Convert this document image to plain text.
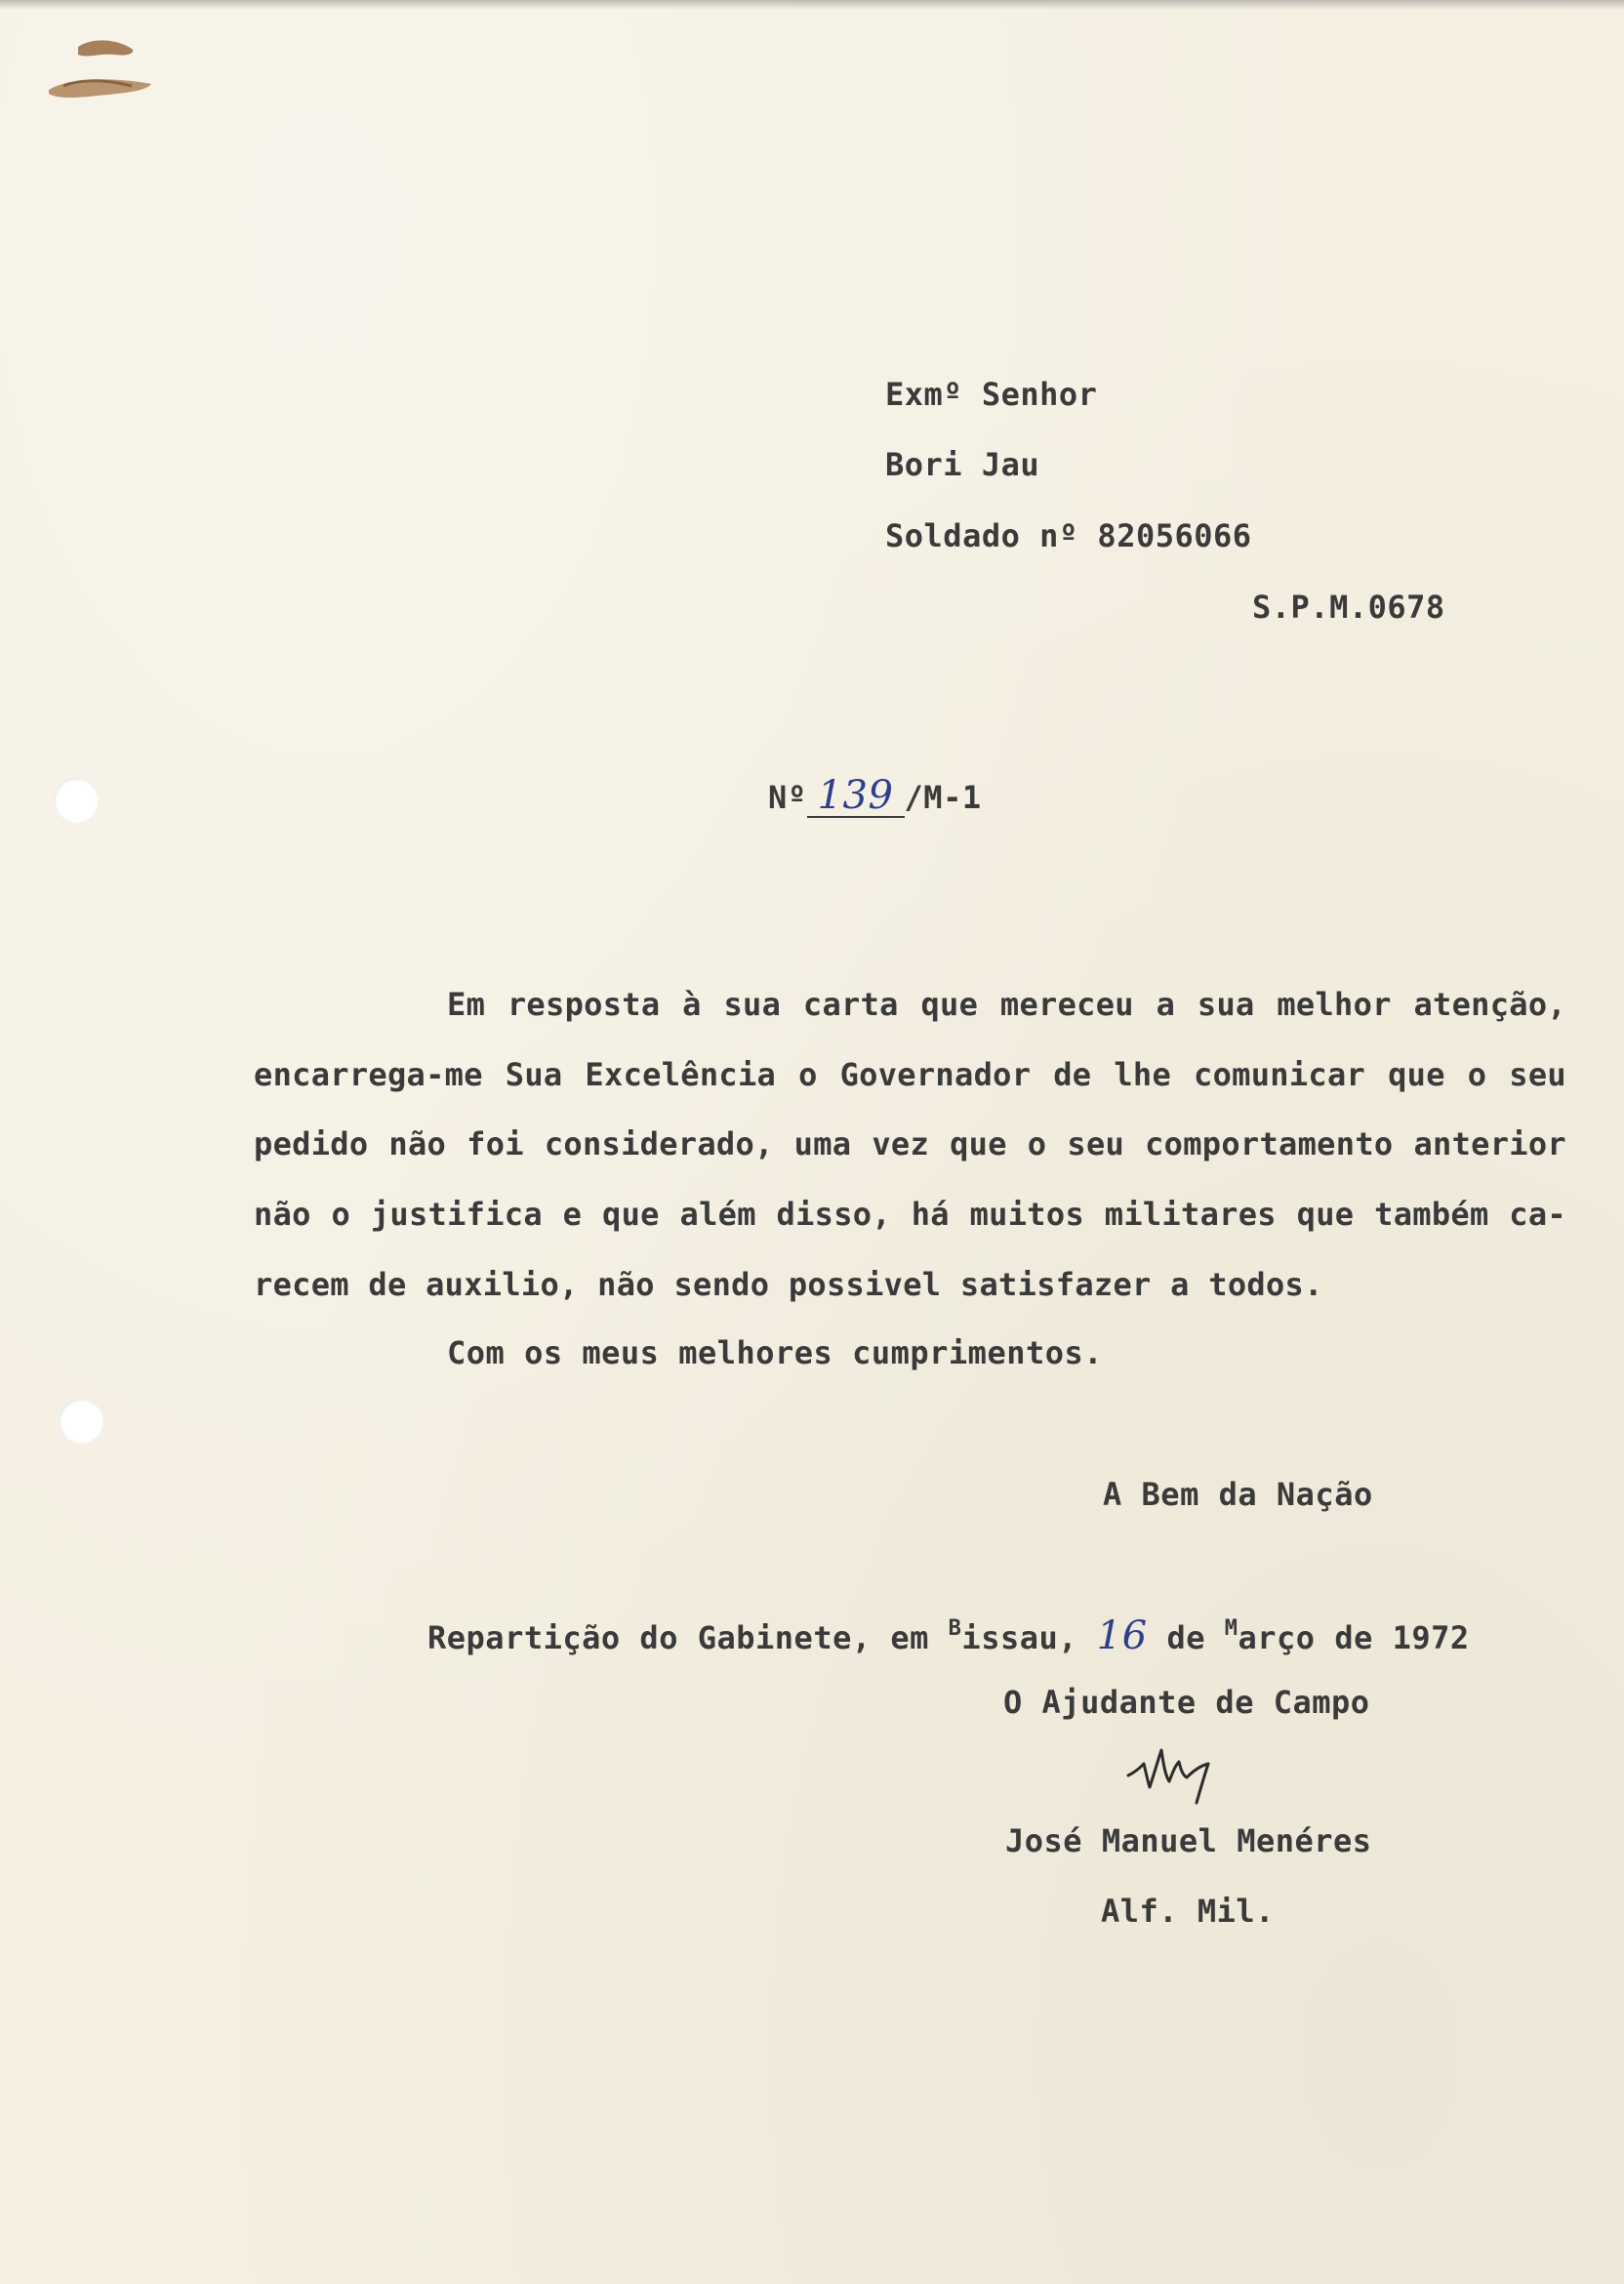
Exmº Senhor
Bori Jau
Soldado nº 82056066
S.P.M.0678
Nº 139 /M-1
Em resposta à sua carta que mereceu a sua melhor atenção,
encarrega-me Sua Excelência o Governador de lhe comunicar que o seu
pedido não foi considerado, uma vez que o seu comportamento anterior
não o justifica e que além disso, há muitos militares que também ca-
recem de auxilio, não sendo possivel satisfazer a todos.
Com os meus melhores cumprimentos.
A Bem da Nação
Repartição do Gabinete, em $^B$issau, 16 de $^M$arço de 1972
O Ajudante de Campo
José Manuel Menéres
Alf. Mil.
